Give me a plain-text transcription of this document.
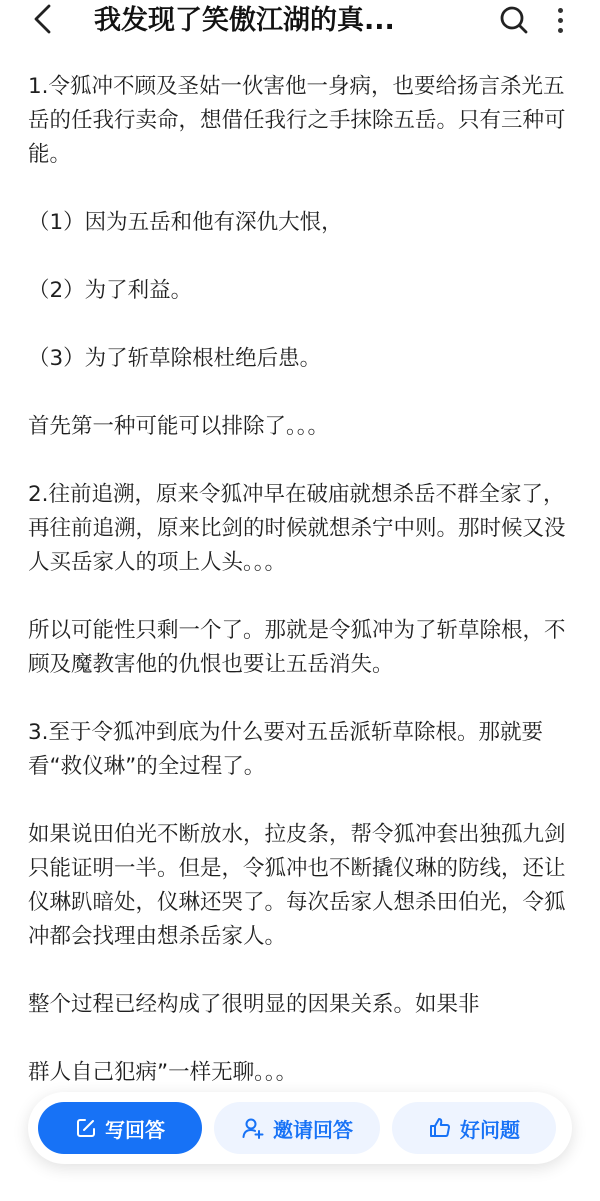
我发现了笑傲江湖的真...

1.令狐冲不顾及圣姑一伙害他一身病，也要给扬言杀光五岳的任我行卖命，想借任我行之手抹除五岳。只有三种可能。

（1）因为五岳和他有深仇大恨，

（2）为了利益。

（3）为了斩草除根杜绝后患。

首先第一种可能可以排除了。。。

2.往前追溯，原来令狐冲早在破庙就想杀岳不群全家了，再往前追溯，原来比剑的时候就想杀宁中则。那时候又没人买岳家人的项上人头。。。

所以可能性只剩一个了。那就是令狐冲为了斩草除根，不顾及魔教害他的仇恨也要让五岳消失。

3.至于令狐冲到底为什么要对五岳派斩草除根。那就要看“救仪琳”的全过程了。

如果说田伯光不断放水，拉皮条，帮令狐冲套出独孤九剑只能证明一半。但是，令狐冲也不断撬仪琳的防线，还让仪琳趴暗处，仪琳还哭了。每次岳家人想杀田伯光，令狐冲都会找理由想杀岳家人。

整个过程已经构成了很明显的因果关系。如果非

群人自己犯病”一样无聊。。。

写回答	邀请回答	好问题
